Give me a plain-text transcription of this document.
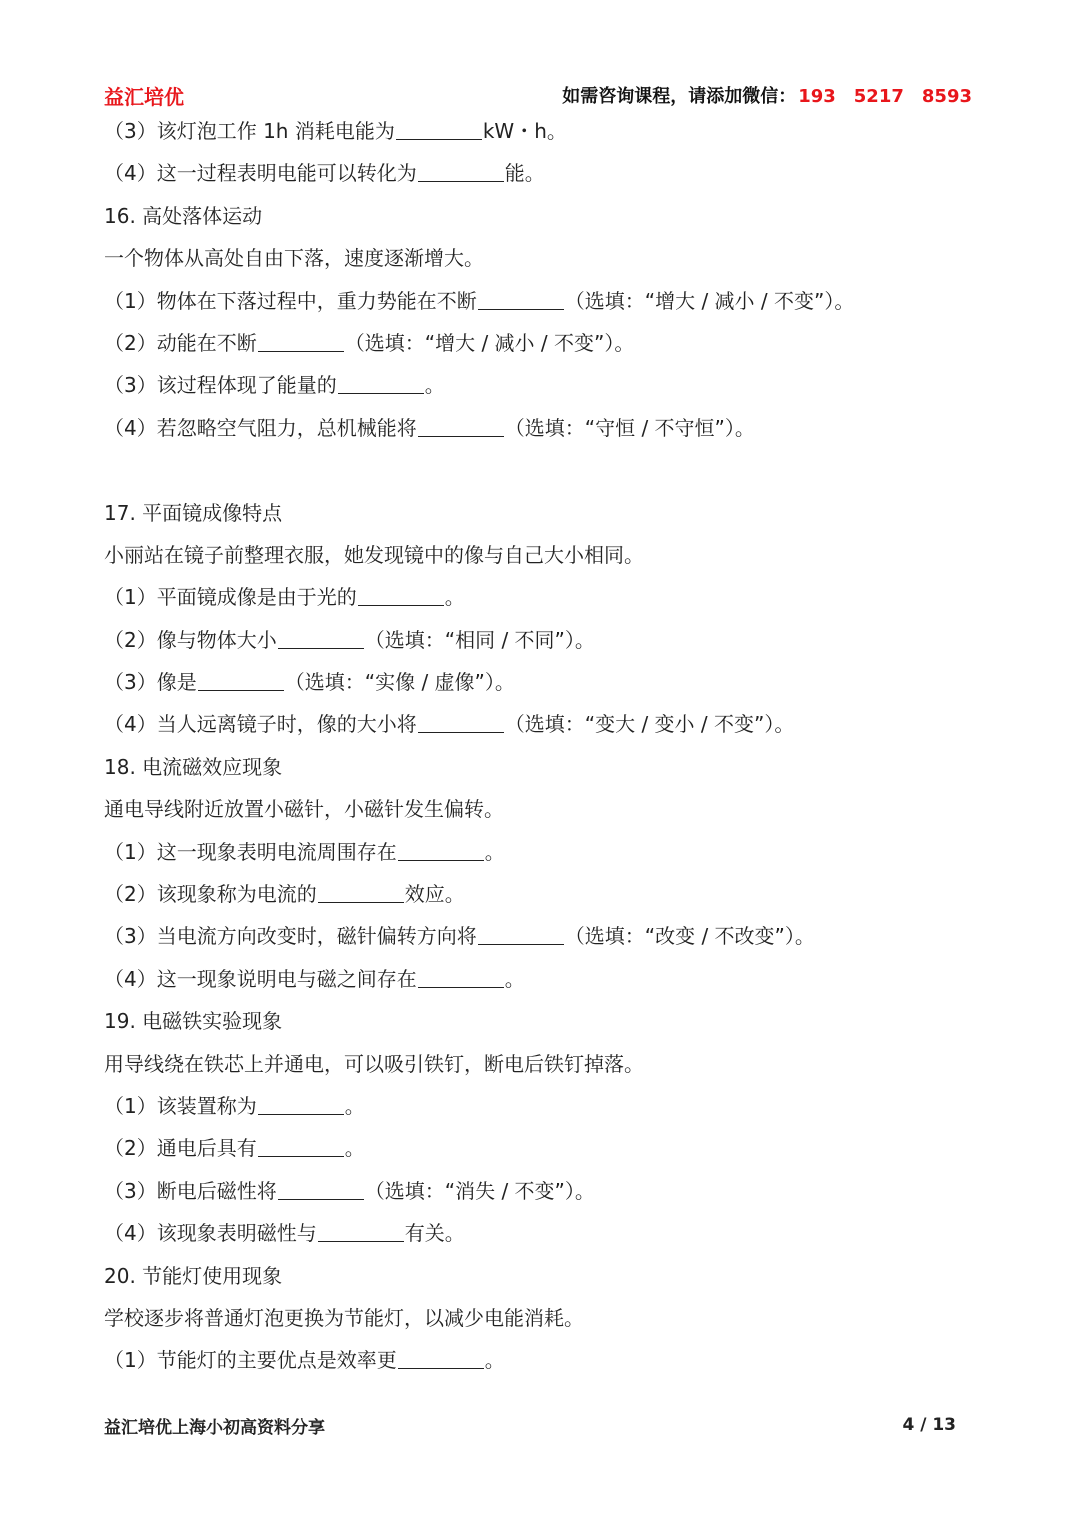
益汇培优	如需咨询课程，请添加微信： 193 5217 8593
（3）该灯泡工作 1h 消耗电能为	kW・h。
（4）这一过程表明电能可以转化为	能。
16. 高处落体运动
一个物体从高处自由下落，速度逐渐增大。
（1）物体在下落过程中，重力势能在不断	（选填：“增大 / 减小 / 不变”）。
（2）动能在不断	（选填：“增大 / 减小 / 不变”）。
（3）该过程体现了能量的	。
（4）若忽略空气阻力，总机械能将	（选填：“守恒 / 不守恒”）。
17. 平面镜成像特点
小丽站在镜子前整理衣服，她发现镜中的像与自己大小相同。
（1）平面镜成像是由于光的	。
（2）像与物体大小	（选填：“相同 / 不同”）。
（3）像是	（选填：“实像 / 虚像”）。
（4）当人远离镜子时，像的大小将	（选填：“变大 / 变小 / 不变”）。
18. 电流磁效应现象
通电导线附近放置小磁针，小磁针发生偏转。
（1）这一现象表明电流周围存在	。
（2）该现象称为电流的	效应。
（3）当电流方向改变时，磁针偏转方向将	（选填：“改变 / 不改变”）。
（4）这一现象说明电与磁之间存在	。
19. 电磁铁实验现象
用导线绕在铁芯上并通电，可以吸引铁钉，断电后铁钉掉落。
（1）该装置称为	。
（2）通电后具有	。
（3）断电后磁性将	（选填：“消失 / 不变”）。
（4）该现象表明磁性与	有关。
20. 节能灯使用现象
学校逐步将普通灯泡更换为节能灯，以减少电能消耗。
（1）节能灯的主要优点是效率更	。
益汇培优上海小初高资料分享	4 / 13
